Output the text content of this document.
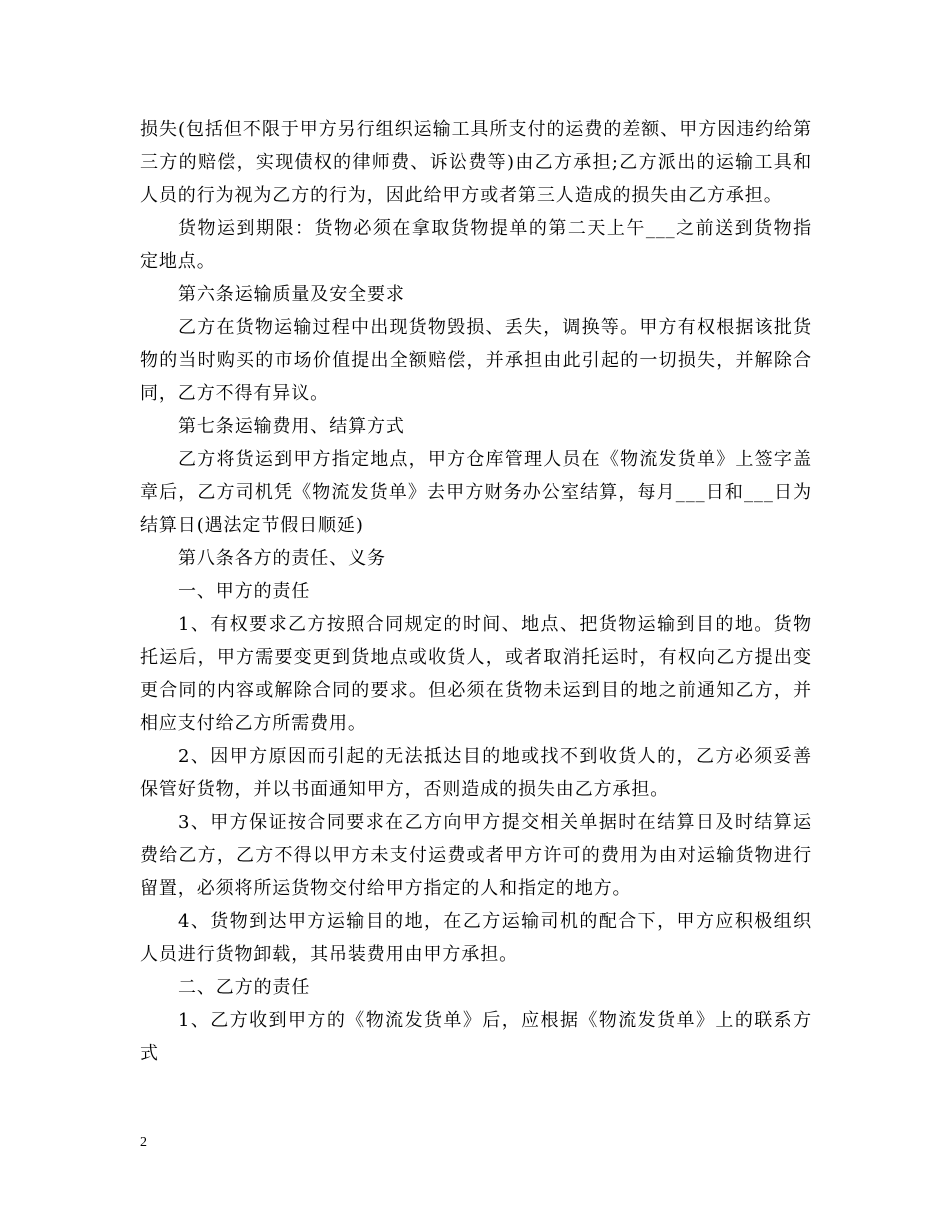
损失(包括但不限于甲方另行组织运输工具所支付的运费的差额、甲方因违约给第三方的赔偿，实现债权的律师费、诉讼费等)由乙方承担;乙方派出的运输工具和人员的行为视为乙方的行为，因此给甲方或者第三人造成的损失由乙方承担。

货物运到期限：货物必须在拿取货物提单的第二天上午___之前送到货物指定地点。

第六条运输质量及安全要求

乙方在货物运输过程中出现货物毁损、丢失，调换等。甲方有权根据该批货物的当时购买的市场价值提出全额赔偿，并承担由此引起的一切损失，并解除合同，乙方不得有异议。

第七条运输费用、结算方式

乙方将货运到甲方指定地点，甲方仓库管理人员在《物流发货单》上签字盖章后，乙方司机凭《物流发货单》去甲方财务办公室结算，每月___日和___日为结算日(遇法定节假日顺延)

第八条各方的责任、义务

一、甲方的责任

1、有权要求乙方按照合同规定的时间、地点、把货物运输到目的地。货物托运后，甲方需要变更到货地点或收货人，或者取消托运时，有权向乙方提出变更合同的内容或解除合同的要求。但必须在货物未运到目的地之前通知乙方，并相应支付给乙方所需费用。

2、因甲方原因而引起的无法抵达目的地或找不到收货人的，乙方必须妥善保管好货物，并以书面通知甲方，否则造成的损失由乙方承担。

3、甲方保证按合同要求在乙方向甲方提交相关单据时在结算日及时结算运费给乙方，乙方不得以甲方未支付运费或者甲方许可的费用为由对运输货物进行留置，必须将所运货物交付给甲方指定的人和指定的地方。

4、货物到达甲方运输目的地，在乙方运输司机的配合下，甲方应积极组织人员进行货物卸载，其吊装费用由甲方承担。

二、乙方的责任

1、乙方收到甲方的《物流发货单》后，应根据《物流发货单》上的联系方式

2
